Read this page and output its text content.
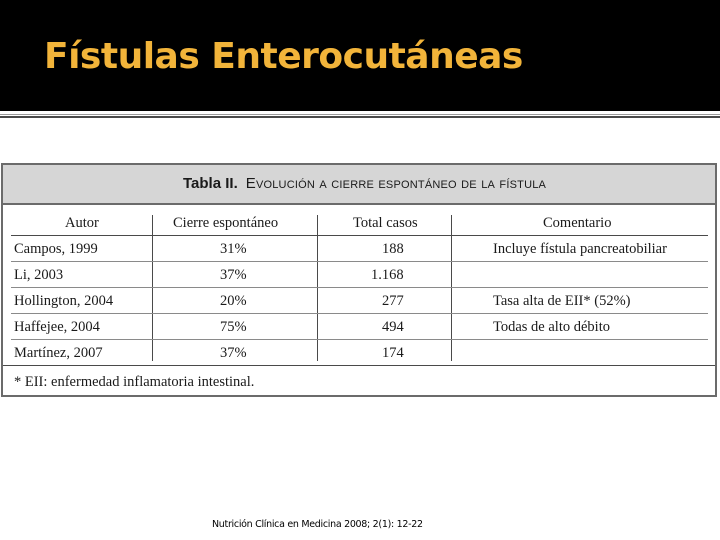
Fístulas Enterocutáneas
Tabla II. Evolución a cierre espontáneo de la fístula
Autor	Cierre espontáneo	Total casos	Comentario
Campos, 1999	31%	188	Incluye fístula pancreatobiliar
Li, 2003	37%	1.168
Hollington, 2004	20%	277	Tasa alta de EII* (52%)
Haffejee, 2004	75%	494	Todas de alto débito
Martínez, 2007	37%	174
* EII: enfermedad inflamatoria intestinal.
Nutrición Clínica en Medicina 2008; 2(1): 12-22
